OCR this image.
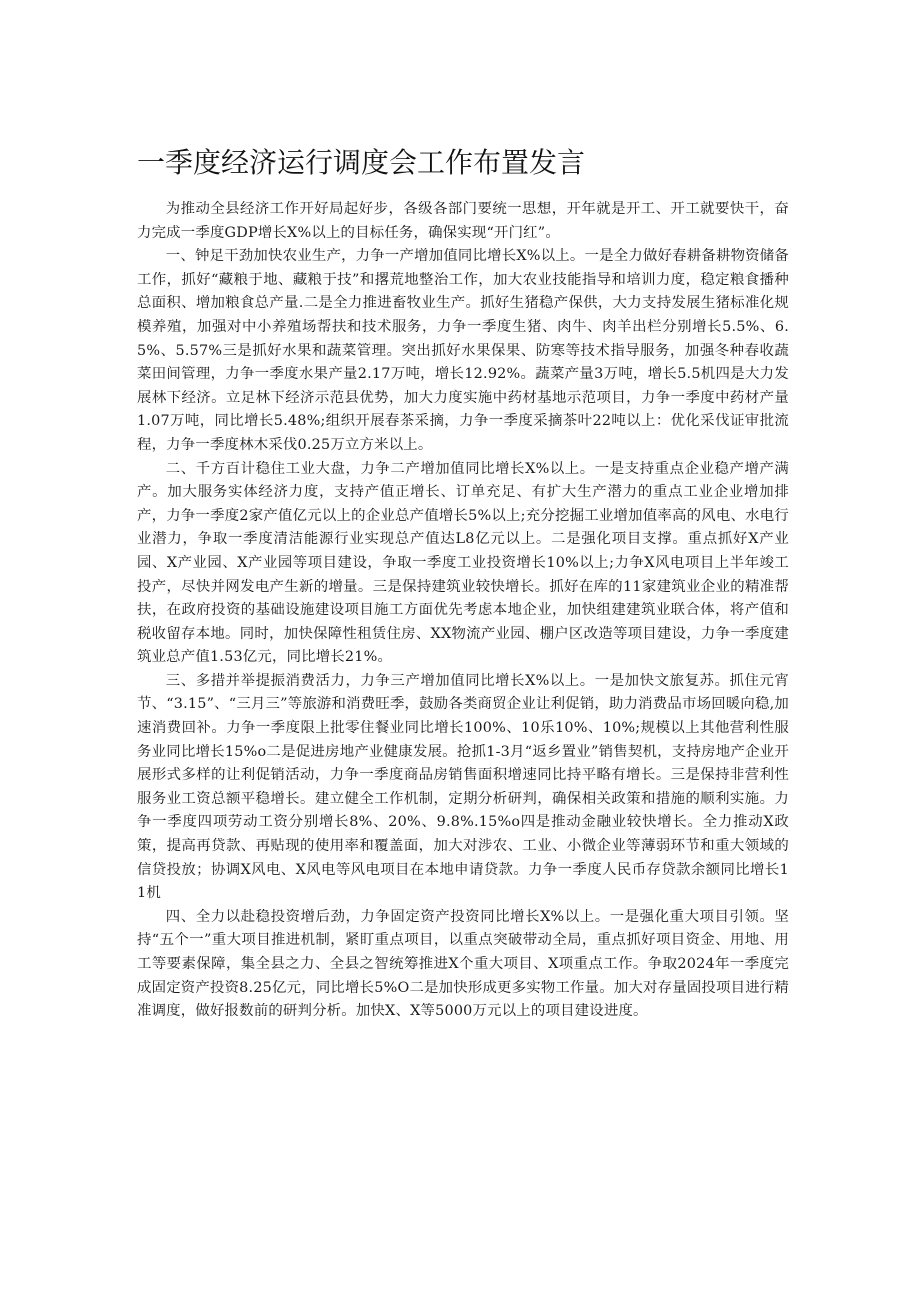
一季度经济运行调度会工作布置发言

为推动全县经济工作开好局起好步，各级各部门要统一思想，开年就是开工、开工就要快干，奋力完成一季度GDP增长X%以上的目标任务，确保实现“开门红”。

一、钟足干劲加快农业生产，力争一产增加值同比增长X%以上。一是全力做好春耕备耕物资储备工作，抓好“藏粮于地、藏粮于技”和撂荒地整治工作，加大农业技能指导和培训力度，稳定粮食播种总面积、增加粮食总产量.二是全力推进畜牧业生产。抓好生猪稳产保供，大力支持发展生猪标准化规模养殖，加强对中小养殖场帮扶和技术服务，力争一季度生猪、肉牛、肉羊出栏分别增长5.5%、6.5%、5.57%三是抓好水果和蔬菜管理。突出抓好水果保果、防寒等技术指导服务，加强冬种春收蔬菜田间管理，力争一季度水果产量2.17万吨，增长12.92%。蔬菜产量3万吨，增长5.5机四是大力发展林下经济。立足林下经济示范县优势，加大力度实施中药材基地示范项目，力争一季度中药材产量1.07万吨，同比增长5.48%;组织开展春茶采摘，力争一季度采摘茶叶22吨以上：优化采伐证审批流程，力争一季度林木采伐0.25万立方米以上。

二、千方百计稳住工业大盘，力争二产增加值同比增长X%以上。一是支持重点企业稳产增产满产。加大服务实体经济力度，支持产值正增长、订单充足、有扩大生产潜力的重点工业企业增加排产，力争一季度2家产值亿元以上的企业总产值增长5%以上;充分挖掘工业增加值率高的风电、水电行业潜力，争取一季度清洁能源行业实现总产值达L8亿元以上。二是强化项目支撑。重点抓好X产业园、X产业园、X产业园等项目建设，争取一季度工业投资增长10%以上;力争X风电项目上半年竣工投产，尽快并网发电产生新的增量。三是保持建筑业较快增长。抓好在库的11家建筑业企业的精准帮扶，在政府投资的基础设施建设项目施工方面优先考虑本地企业，加快组建建筑业联合体，将产值和税收留存本地。同时，加快保障性租赁住房、XX物流产业园、棚户区改造等项目建设，力争一季度建筑业总产值1.53亿元，同比增长21%。

三、多措并举提振消费活力，力争三产增加值同比增长X%以上。一是加快文旅复苏。抓住元宵节、“3.15”、“三月三”等旅游和消费旺季，鼓励各类商贸企业让利促销，助力消费品市场回暖向稳,加速消费回补。力争一季度限上批零住餐业同比增长100%、10乐10%、10%;规模以上其他营利性服务业同比增长15%o二是促进房地产业健康发展。抢抓1-3月“返乡置业”销售契机，支持房地产企业开展形式多样的让利促销活动，力争一季度商品房销售面积增速同比持平略有增长。三是保持非营利性服务业工资总额平稳增长。建立健全工作机制，定期分析研判，确保相关政策和措施的顺利实施。力争一季度四项劳动工资分别增长8%、20%、9.8%.15%o四是推动金融业较快增长。全力推动X政策，提高再贷款、再贴现的使用率和覆盖面，加大对涉农、工业、小微企业等薄弱环节和重大领域的信贷投放；协调X风电、X风电等风电项目在本地申请贷款。力争一季度人民币存贷款余额同比增长11机

四、全力以赴稳投资增后劲，力争固定资产投资同比增长X%以上。一是强化重大项目引领。坚持“五个一”重大项目推进机制，紧盯重点项目，以重点突破带动全局，重点抓好项目资金、用地、用工等要素保障，集全县之力、全县之智统筹推进X个重大项目、X项重点工作。争取2024年一季度完成固定资产投资8.25亿元，同比增长5%O二是加快形成更多实物工作量。加大对存量固投项目进行精准调度，做好报数前的研判分析。加快X、X等5000万元以上的项目建设进度。
